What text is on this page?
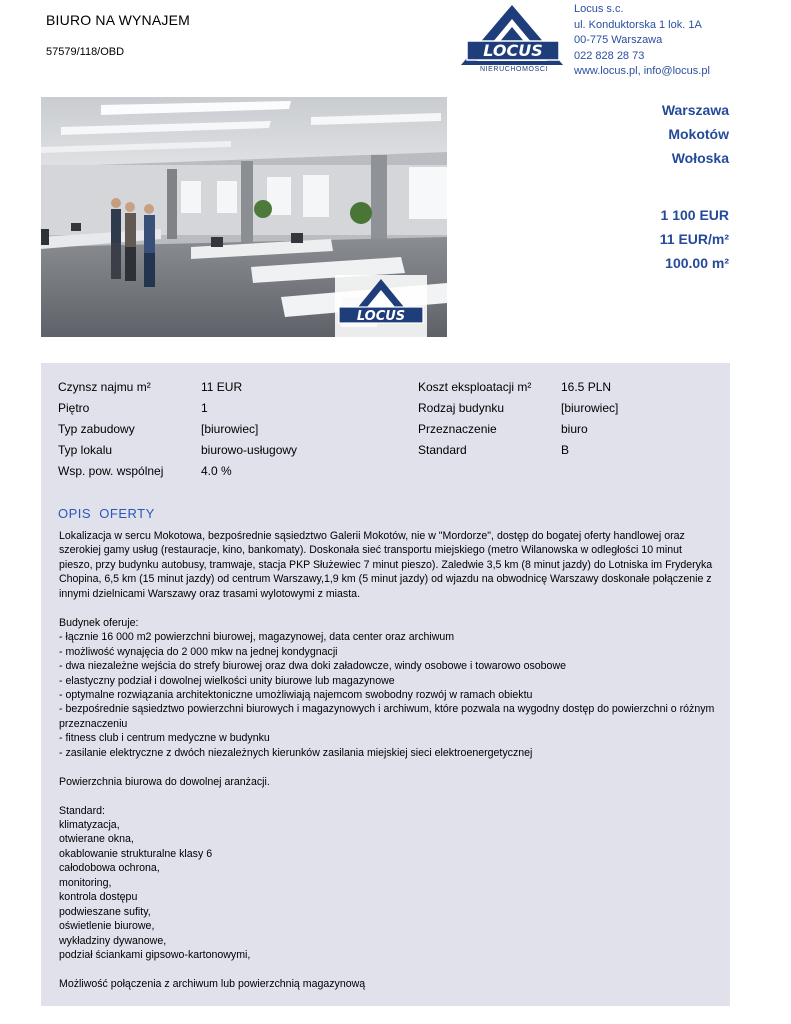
BIURO NA WYNAJEM
57579/118/OBD	LOCUS
NIERUCHOMOŚCI
Locus s.c.
ul. Konduktorska 1 lok. 1A
00-775 Warszawa
022 828 28 73
www.locus.pl, info@locus.pl
LOCUS
Warszawa
Mokotów
Wołoska
1 100 EUR
11 EUR/m²
100.00 m²
Czynsz najmu m²	11 EUR
Piętro	1
Typ zabudowy	[biurowiec]
Typ lokalu	biurowo-usługowy
Wsp. pow. wspólnej	4.0 %
Koszt eksploatacji m² 16.5 PLN
Rodzaj budynku	[biurowiec]
Przeznaczenie	biuro
Standard	B
OPIS  OFERTY

Lokalizacja w sercu Mokotowa, bezpośrednie sąsiedztwo Galerii Mokotów, nie w "Mordorze", dostęp do bogatej oferty handlowej oraz
szerokiej gamy usług (restauracje, kino, bankomaty). Doskonała sieć transportu miejskiego (metro Wilanowska w odległości 10 minut
pieszo, przy budynku autobusy, tramwaje, stacja PKP Służewiec 7 minut pieszo). Zaledwie 3,5 km (8 minut jazdy) do Lotniska im Fryderyka
Chopina, 6,5 km (15 minut jazdy) od centrum Warszawy,1,9 km (5 minut jazdy) od wjazdu na obwodnicę Warszawy doskonałe połączenie z
innymi dzielnicami Warszawy oraz trasami wylotowymi z miasta.

Budynek oferuje:
- łącznie 16 000 m2 powierzchni biurowej, magazynowej, data center oraz archiwum
- możliwość wynajęcia do 2 000 mkw na jednej kondygnacji
- dwa niezależne wejścia do strefy biurowej oraz dwa doki załadowcze, windy osobowe i towarowo osobowe
- elastyczny podział i dowolnej wielkości unity biurowe lub magazynowe
- optymalne rozwiązania architektoniczne umożliwiają najemcom swobodny rozwój w ramach obiektu
- bezpośrednie sąsiedztwo powierzchni biurowych i magazynowych i archiwum, które pozwala na wygodny dostęp do powierzchni o różnym
przeznaczeniu
- fitness club i centrum medyczne w budynku
- zasilanie elektryczne z dwóch niezależnych kierunków zasilania miejskiej sieci elektroenergetycznej

Powierzchnia biurowa do dowolnej aranżacji.

Standard:
klimatyzacja,
otwierane okna,
okablowanie strukturalne klasy 6
całodobowa ochrona,
monitoring,
kontrola dostępu
podwieszane sufity,
oświetlenie biurowe,
wykładziny dywanowe,
podział ściankami gipsowo-kartonowymi,

Możliwość połączenia z archiwum lub powierzchnią magazynową
